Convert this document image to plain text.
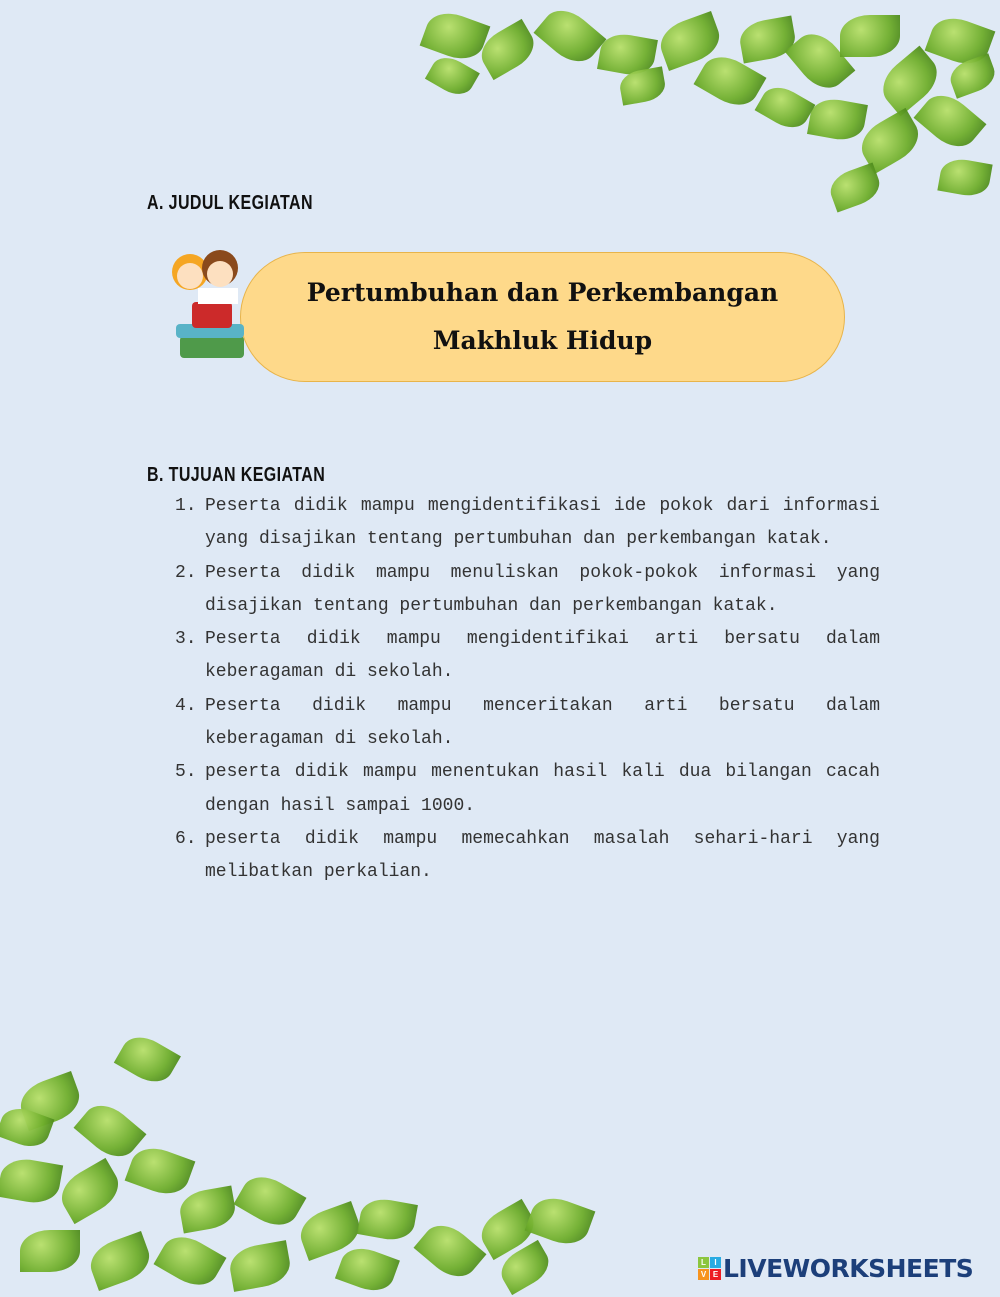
A. JUDUL KEGIATAN
Pertumbuhan dan Perkembangan
Makhluk Hidup
B. TUJUAN KEGIATAN
1. Peserta didik mampu mengidentifikasi ide pokok dari informasi yang disajikan tentang pertumbuhan dan perkembangan katak.
2. Peserta didik mampu menuliskan pokok-pokok informasi yang disajikan tentang pertumbuhan dan perkembangan katak.
3. Peserta didik mampu mengidentifikai arti bersatu dalam keberagaman di sekolah.
4. Peserta didik mampu menceritakan arti bersatu dalam keberagaman di sekolah.
5. peserta didik mampu menentukan hasil kali dua bilangan cacah dengan hasil sampai 1000.
6. peserta didik mampu memecahkan masalah sehari-hari yang melibatkan perkalian.
L	I
V E LIVEWORKSHEETS
